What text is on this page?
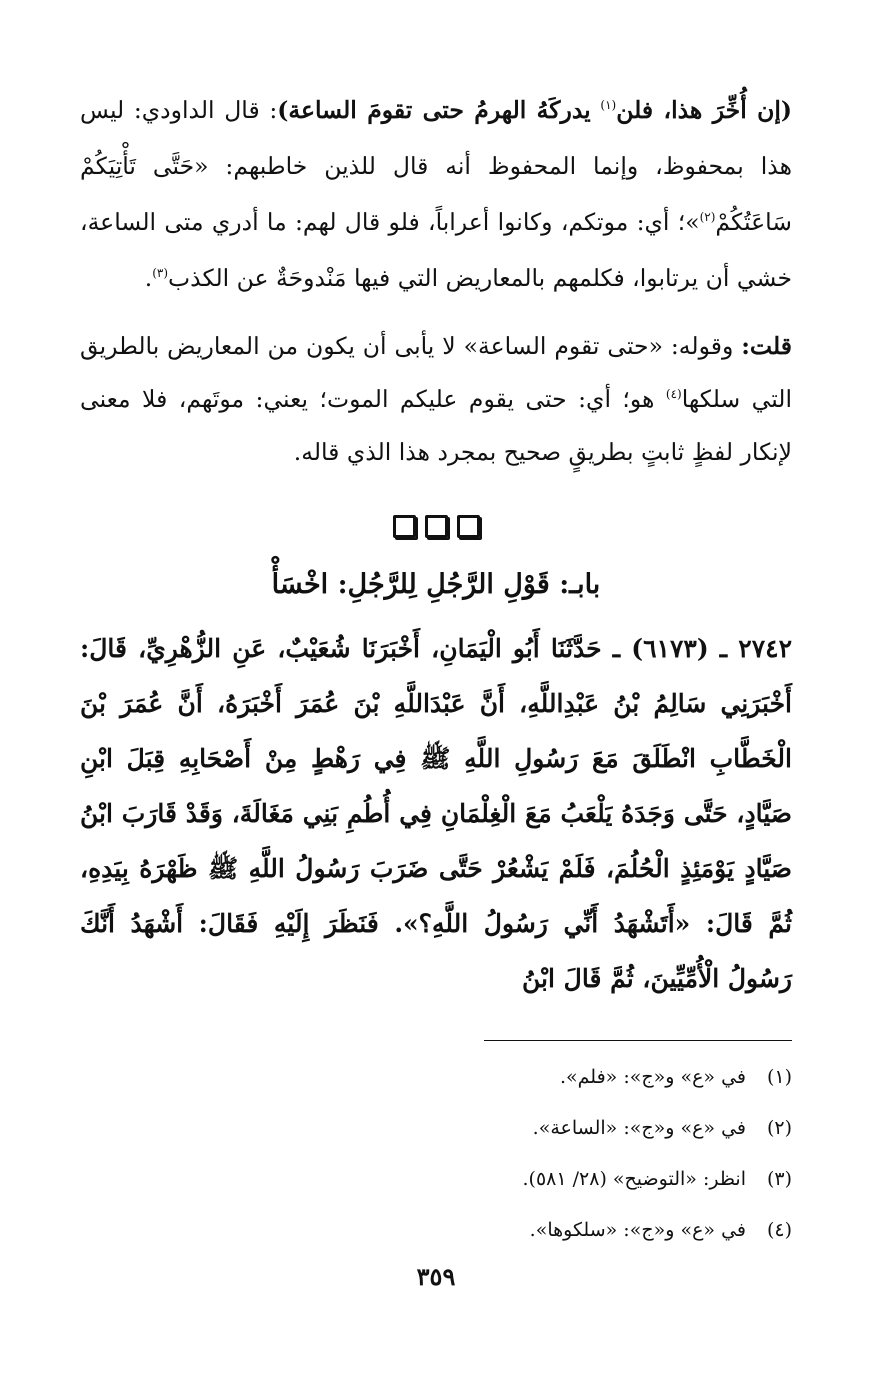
(إن أُخِّرَ هذا، فلن$^{(١)}$ يدركَهُ الهرمُ حتى تقومَ الساعة): قال الداودي: ليس هذا بمحفوظ، وإنما المحفوظ أنه قال للذين خاطبهم: «حَتَّى تَأْتِيَكُمْ سَاعَتُكُمْ$^{(٢)}$»؛ أي: موتكم، وكانوا أعراباً، فلو قال لهم: ما أدري متى الساعة، خشي أن يرتابوا، فكلمهم بالمعاريض التي فيها مَنْدوحَةٌ عن الكذب$^{(٣)}$.

قلت: وقوله: «حتى تقوم الساعة» لا يأبى أن يكون من المعاريض بالطريق التي سلكها$^{(٤)}$ هو؛ أي: حتى يقوم عليكم الموت؛ يعني: موتَهم، فلا معنى لإنكار لفظٍ ثابتٍ بطريقٍ صحيح بمجرد هذا الذي قاله.

بابـ: قَوْلِ الرَّجُلِ لِلرَّجُلِ: اخْسَأْ

٢٧٤٢ ـ (٦١٧٣) ـ حَدَّثَنَا أَبُو الْيَمَانِ، أَخْبَرَنَا شُعَيْبٌ، عَنِ الزُّهْرِيِّ، قَالَ: أَخْبَرَنِي سَالِمُ بْنُ عَبْدِاللَّهِ، أَنَّ عَبْدَاللَّهِ بْنَ عُمَرَ أَخْبَرَهُ، أَنَّ عُمَرَ بْنَ الْخَطَّابِ انْطَلَقَ مَعَ رَسُولِ اللَّهِ ﷺ فِي رَهْطٍ مِنْ أَصْحَابِهِ قِبَلَ ابْنِ صَيَّادٍ، حَتَّى وَجَدَهُ يَلْعَبُ مَعَ الْغِلْمَانِ فِي أُطُمِ بَنِي مَغَالَةَ، وَقَدْ قَارَبَ ابْنُ صَيَّادٍ يَوْمَئِذٍ الْحُلُمَ، فَلَمْ يَشْعُرْ حَتَّى ضَرَبَ رَسُولُ اللَّهِ ﷺ ظَهْرَهُ بِيَدِهِ، ثُمَّ قَالَ: «أَتَشْهَدُ أَنِّي رَسُولُ اللَّهِ؟». فَنَظَرَ إِلَيْهِ فَقَالَ: أَشْهَدُ أَنَّكَ رَسُولُ الْأُمِّيِّينَ، ثُمَّ قَالَ ابْنُ

(١)
في «ع» و«ج»: «فلم».
(٢)
في «ع» و«ج»: «الساعة».
(٣)
انظر: «التوضيح» (٢٨/ ٥٨١).
(٤)
في «ع» و«ج»: «سلكوها».
٣٥٩
